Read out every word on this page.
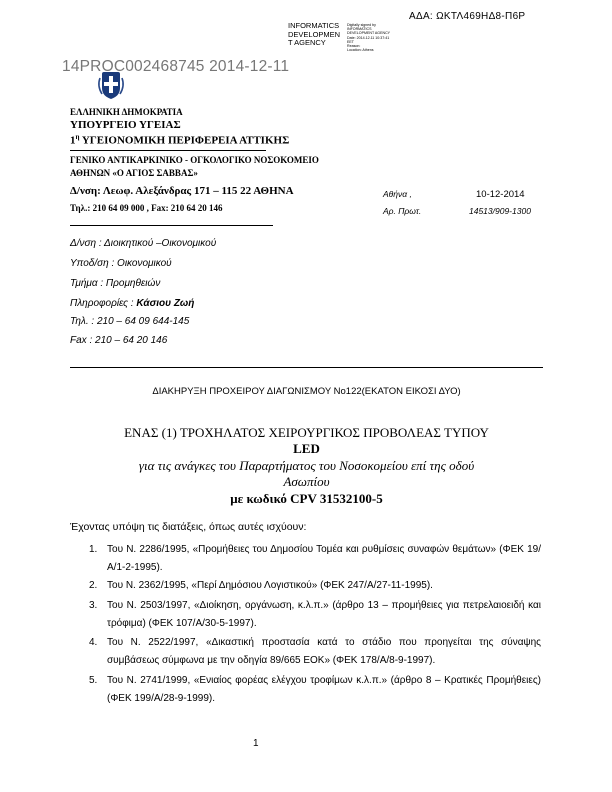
ΑΔΑ: ΩΚΤΛ469ΗΔ8-Π6Ρ
INFORMATICS
DEVELOPMEN
T AGENCY
Digitally signed by
INFORMATICS
DEVELOPMENT AGENCY
Date: 2014.12.11 10:37:41
EET
Reason:
Location: Athens
14PROC002468745 2014-12-11
ΕΛΛΗΝΙΚΗ ΔΗΜΟΚΡΑΤΙΑ
ΥΠΟΥΡΓΕΙΟ ΥΓΕΙΑΣ
$1^\eta$ ΥΓΕΙΟΝΟΜΙΚΗ ΠΕΡΙΦΕΡΕΙΑ ΑΤΤΙΚΗΣ
ΓΕΝΙΚΟ ΑΝΤΙΚΑΡΚΙΝΙΚΟ - ΟΓΚΟΛΟΓΙΚΟ ΝΟΣΟΚΟΜΕΙΟ
ΑΘΗΝΩΝ «Ο ΑΓΙΟΣ ΣΑΒΒΑΣ»
Δ/νση: Λεωφ. Αλεξάνδρας 171 – 115 22 ΑΘΗΝΑ
Τηλ.: 210 64 09 000 , Fax: 210 64 20 146
Αθήνα ,	10-12-2014
Αρ. Πρωτ.	14513/909-1300
Δ/νση : Διοικητικού –Οικονομικού
Υποδ/ση : Οικονομικού
Τμήμα : Προμηθειών
Πληροφορίες : Κάσιου Ζωή
Τηλ. : 210 – 64 09 644-145
Fax : 210 – 64 20 146
ΔΙΑΚΗΡΥΞΗ ΠΡΟΧΕΙΡΟΥ ΔΙΑΓΩΝΙΣΜΟΥ Νο122(ΕΚΑΤΟΝ ΕΙΚΟΣΙ ΔΥΟ)
ΕΝΑΣ (1) ΤΡΟΧΗΛΑΤΟΣ ΧΕΙΡΟΥΡΓΙΚΟΣ ΠΡΟΒΟΛΕΑΣ ΤΥΠΟΥ
LED
για τις ανάγκες του Παραρτήματος του Νοσοκομείου επί της οδού
Ασωπίου
με κωδικό CPV 31532100-5
Έχοντας υπόψη τις διατάξεις, όπως αυτές ισχύουν:
1. Του Ν. 2286/1995, «Προμήθειες του Δημοσίου Τομέα και ρυθμίσεις συναφών θεμάτων» (ΦΕΚ 19/Α/1-2-1995).
2. Του Ν. 2362/1995, «Περί Δημόσιου Λογιστικού» (ΦΕΚ 247/Α/27-11-1995).
3. Του Ν. 2503/1997, «Διοίκηση, οργάνωση, κ.λ.π.» (άρθρο 13 – προμήθειες για πετρελαιοειδή και τρόφιμα) (ΦΕΚ 107/Α/30-5-1997).
4. Του Ν. 2522/1997, «Δικαστική προστασία κατά το στάδιο που προηγείται της σύναψης συμβάσεως σύμφωνα με την οδηγία 89/665 ΕΟΚ» (ΦΕΚ 178/Α/8-9-1997).
5. Του Ν. 2741/1999, «Ενιαίος φορέας ελέγχου τροφίμων κ.λ.π.» (άρθρο 8 – Κρατικές Προμήθειες) (ΦΕΚ 199/Α/28-9-1999).
1
